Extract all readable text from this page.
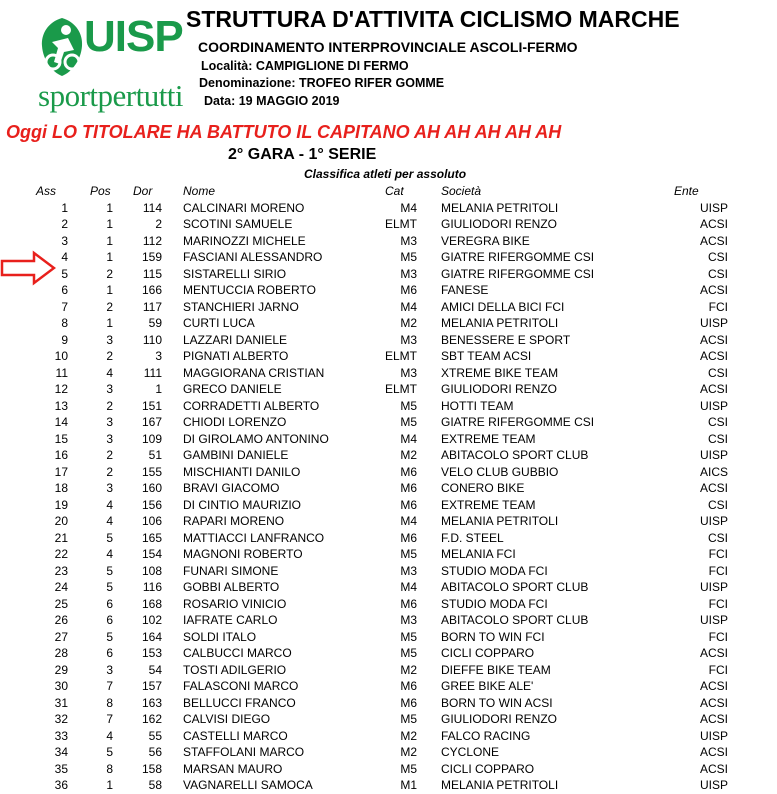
UISP
sportpertutti
STRUTTURA D'ATTIVITA CICLISMO MARCHE
COORDINAMENTO INTERPROVINCIALE ASCOLI-FERMO
Località: CAMPIGLIONE DI FERMO
Denominazione: TROFEO RIFER GOMME
Data: 19 MAGGIO 2019
Oggi LO TITOLARE HA BATTUTO IL CAPITANO AH AH AH AH AH
2° GARA - 1° SERIE
Classifica atleti per assoluto
Ass	Pos Dor	Nome	Cat	Società	Ente
1	1 114 CALCINARI MORENO	M4 MELANIA PETRITOLI	UISP
2	1	2 SCOTINI SAMUELE	ELMT GIULIODORI RENZO	ACSI
3	1 112 MARINOZZI MICHELE	M3 VEREGRA BIKE	ACSI
4	1 159 FASCIANI ALESSANDRO	M5 GIATRE RIFERGOMME CSI	CSI
5	2 115 SISTARELLI SIRIO	M3 GIATRE RIFERGOMME CSI	CSI
6	1 166 MENTUCCIA ROBERTO	M6 FANESE	ACSI
7	2 117 STANCHIERI JARNO	M4 AMICI DELLA BICI FCI	FCI
8	1	59 CURTI LUCA	M2 MELANIA PETRITOLI	UISP
9	3 110 LAZZARI DANIELE	M3 BENESSERE E SPORT	ACSI
10	2	3 PIGNATI ALBERTO	ELMT SBT TEAM ACSI	ACSI
11	4	111 MAGGIORANA CRISTIAN	M3 XTREME BIKE TEAM	CSI
12	3	1 GRECO DANIELE	ELMT GIULIODORI RENZO	ACSI
13	2 151 CORRADETTI ALBERTO	M5 HOTTI TEAM	UISP
14	3 167 CHIODI LORENZO	M5 GIATRE RIFERGOMME CSI	CSI
15	3 109 DI GIROLAMO ANTONINO	M4 EXTREME TEAM	CSI
16	2	51 GAMBINI DANIELE	M2 ABITACOLO SPORT CLUB	UISP
17	2 155 MISCHIANTI DANILO	M6 VELO CLUB GUBBIO	AICS
18	3 160 BRAVI GIACOMO	M6 CONERO BIKE	ACSI
19	4 156 DI CINTIO MAURIZIO	M6 EXTREME TEAM	CSI
20	4 106 RAPARI MORENO	M4 MELANIA PETRITOLI	UISP
21	5 165 MATTIACCI LANFRANCO	M6 F.D. STEEL	CSI
22	4 154 MAGNONI ROBERTO	M5 MELANIA FCI	FCI
23	5 108 FUNARI SIMONE	M3 STUDIO MODA FCI	FCI
24	5 116 GOBBI ALBERTO	M4 ABITACOLO SPORT CLUB	UISP
25	6 168 ROSARIO VINICIO	M6 STUDIO MODA FCI	FCI
26	6 102 IAFRATE CARLO	M3 ABITACOLO SPORT CLUB	UISP
27	5 164 SOLDI ITALO	M5 BORN TO WIN FCI	FCI
28	6 153 CALBUCCI MARCO	M5 CICLI COPPARO	ACSI
29	3	54 TOSTI ADILGERIO	M2 DIEFFE BIKE TEAM	FCI
30	7 157 FALASCONI MARCO	M6 GREE BIKE ALE'	ACSI
31	8 163 BELLUCCI FRANCO	M6 BORN TO WIN ACSI	ACSI
32	7 162 CALVISI DIEGO	M5 GIULIODORI RENZO	ACSI
33	4	55 CASTELLI MARCO	M2 FALCO RACING	UISP
34	5	56 STAFFOLANI MARCO	M2 CYCLONE	ACSI
35	8 158 MARSAN MAURO	M5 CICLI COPPARO	ACSI
36	1	58 VAGNARELLI SAMOCA	M1 MELANIA PETRITOLI	UISP
